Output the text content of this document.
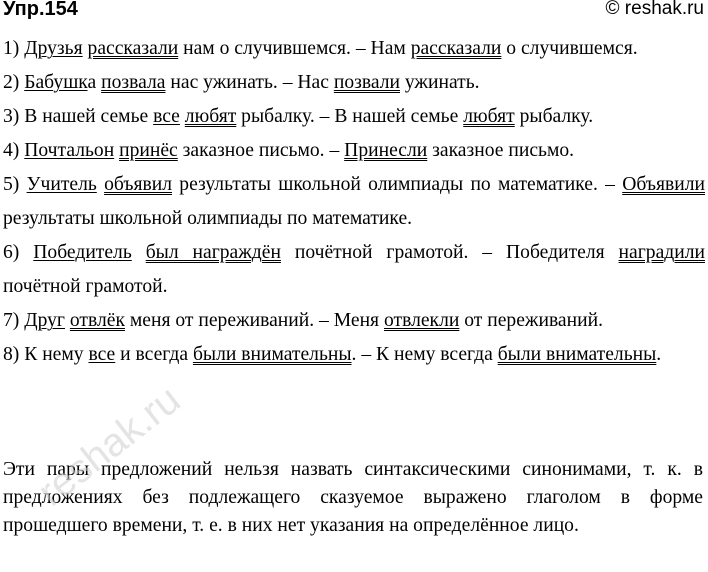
Упр.154	© reshak.ru
1) Друзья рассказали нам о случившемся. – Нам рассказали о случившемся.
2) Бабушка позвала нас ужинать. – Нас позвали ужинать.
3) В нашей семье все любят рыбалку. – В нашей семье любят рыбалку.
4) Почтальон принёс заказное письмо. – Принесли заказное письмо.
5) Учитель объявил результаты школьной олимпиады по математике. – Объявили результаты школьной олимпиады по математике.
6) Победитель был награждён почётной грамотой. – Победителя наградили почётной грамотой.
7) Друг отвлёк меня от переживаний. – Меня отвлекли от переживаний.
8) К нему все и всегда были внимательны. – К нему всегда были внимательны.
Эти пары предложений нельзя назвать синтаксическими синонимами, т. к. в предложениях без подлежащего сказуемое выражено глаголом в форме прошедшего времени, т. е. в них нет указания на определённое лицо.
reshak.ru
